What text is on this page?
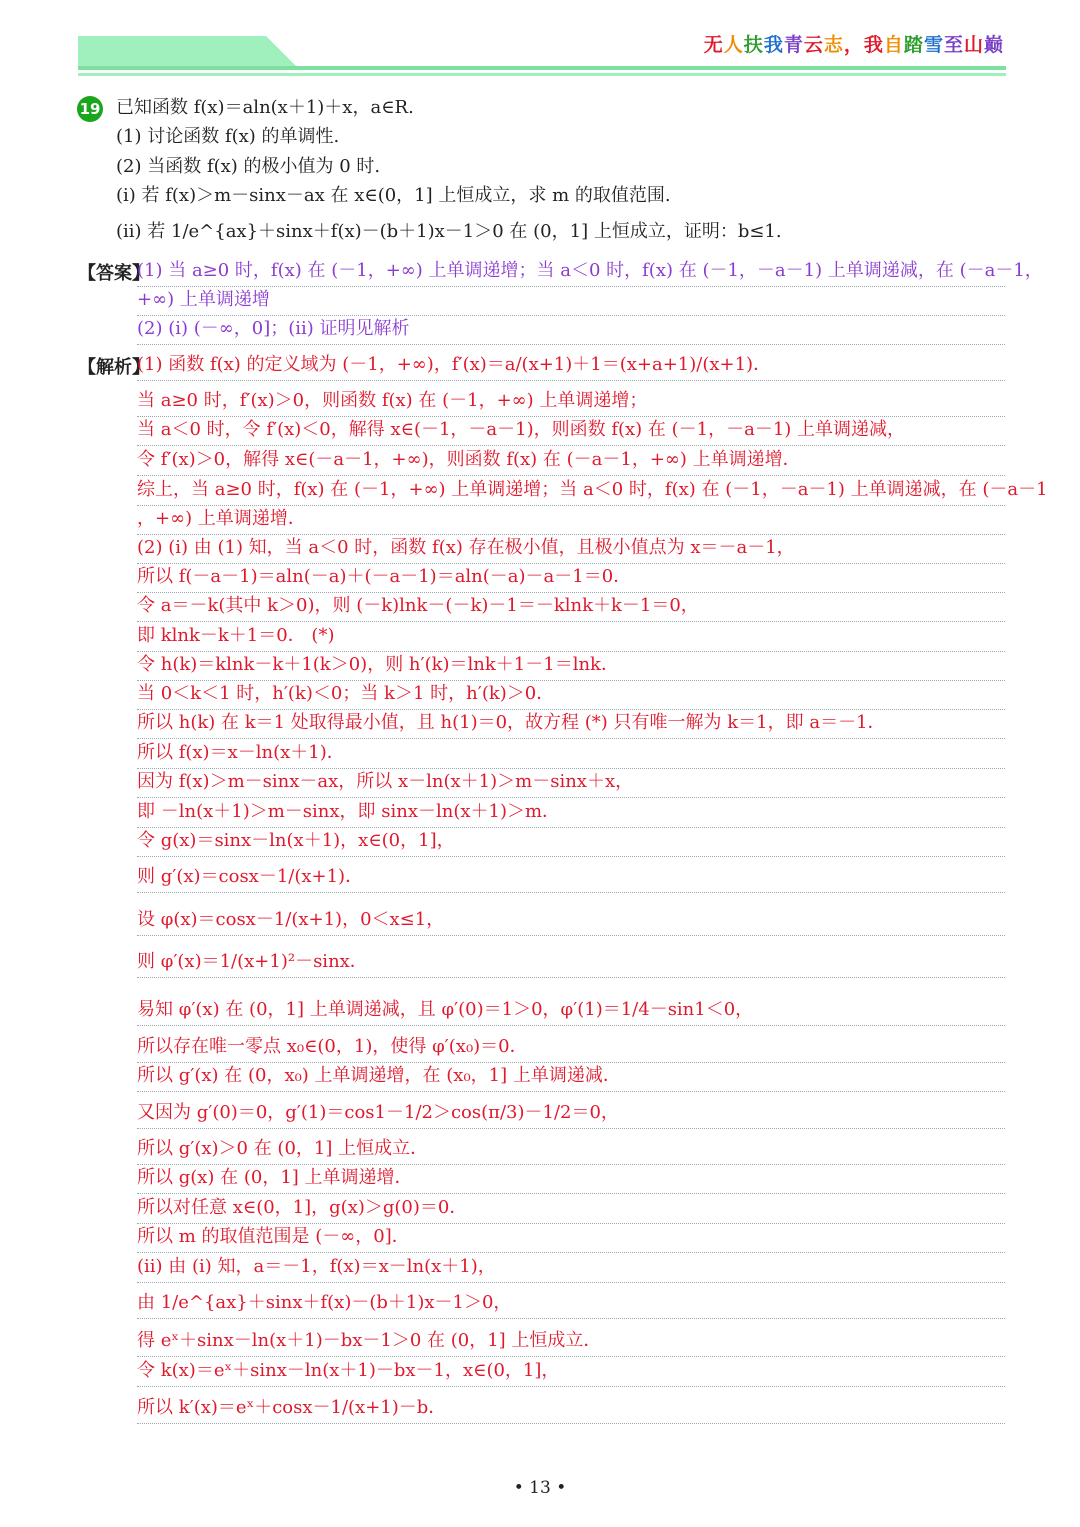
无人扶我青云志，我自踏雪至山巅
19 已知函数 f(x)＝aln(x＋1)＋x，a∈R.
(1) 讨论函数 f(x) 的单调性.
(2) 当函数 f(x) 的极小值为 0 时.
(i) 若 f(x)＞m－sinx－ax 在 x∈(0，1] 上恒成立，求 m 的取值范围.
(ii) 若 1/e^{ax}＋sinx＋f(x)－(b＋1)x－1＞0 在 (0，1] 上恒成立，证明：b≤1.
【答案】
(1) 当 a≥0 时，f(x) 在 (－1，+∞) 上单调递增；当 a＜0 时，f(x) 在 (－1，－a－1) 上单调递减，在 (－a－1，
+∞) 上单调递增
(2) (i) (－∞，0]；(ii) 证明见解析
【解析】
(1) 函数 f(x) 的定义域为 (－1，+∞)，f′(x)＝a/(x+1)＋1＝(x+a+1)/(x+1)．
当 a≥0 时，f′(x)＞0，则函数 f(x) 在 (－1，+∞) 上单调递增；
当 a＜0 时，令 f′(x)＜0，解得 x∈(－1，－a－1)，则函数 f(x) 在 (－1，－a－1) 上单调递减，
令 f′(x)＞0，解得 x∈(－a－1，+∞)，则函数 f(x) 在 (－a－1，+∞) 上单调递增．
综上，当 a≥0 时，f(x) 在 (－1，+∞) 上单调递增；当 a＜0 时，f(x) 在 (－1，－a－1) 上单调递减，在 (－a－1
，+∞) 上单调递增．
(2) (i) 由 (1) 知，当 a＜0 时，函数 f(x) 存在极小值，且极小值点为 x＝－a－1，
所以 f(－a－1)＝aln(－a)＋(－a－1)＝aln(－a)－a－1＝0．
令 a＝－k(其中 k＞0)，则 (－k)lnk－(－k)－1＝－klnk＋k－1＝0，
即 klnk－k＋1＝0． (*)
令 h(k)＝klnk－k＋1(k＞0)，则 h′(k)＝lnk＋1－1＝lnk．
当 0＜k＜1 时，h′(k)＜0；当 k＞1 时，h′(k)＞0．
所以 h(k) 在 k＝1 处取得最小值，且 h(1)＝0，故方程 (*) 只有唯一解为 k＝1，即 a＝－1．
所以 f(x)＝x－ln(x＋1)．
因为 f(x)＞m－sinx－ax，所以 x－ln(x＋1)＞m－sinx＋x，
即 －ln(x＋1)＞m－sinx，即 sinx－ln(x＋1)＞m．
令 g(x)＝sinx－ln(x＋1)，x∈(0，1]，
则 g′(x)＝cosx－1/(x+1)．
设 φ(x)＝cosx－1/(x+1)，0＜x≤1，
则 φ′(x)＝1/(x+1)²－sinx．
易知 φ′(x) 在 (0，1] 上单调递减，且 φ′(0)＝1＞0，φ′(1)＝1/4－sin1＜0，
所以存在唯一零点 x₀∈(0，1)，使得 φ′(x₀)＝0．
所以 g′(x) 在 (0，x₀) 上单调递增，在 (x₀，1] 上单调递减．
又因为 g′(0)＝0，g′(1)＝cos1－1/2＞cos(π/3)－1/2＝0，
所以 g′(x)＞0 在 (0，1] 上恒成立．
所以 g(x) 在 (0，1] 上单调递增．
所以对任意 x∈(0，1]，g(x)＞g(0)＝0．
所以 m 的取值范围是 (－∞，0]．
(ii) 由 (i) 知，a＝－1，f(x)＝x－ln(x＋1)，
由 1/e^{ax}＋sinx＋f(x)－(b＋1)x－1＞0，
得 eˣ＋sinx－ln(x＋1)－bx－1＞0 在 (0，1] 上恒成立．
令 k(x)＝eˣ＋sinx－ln(x＋1)－bx－1，x∈(0，1]，
所以 k′(x)＝eˣ＋cosx－1/(x+1)－b．
• 13 •
